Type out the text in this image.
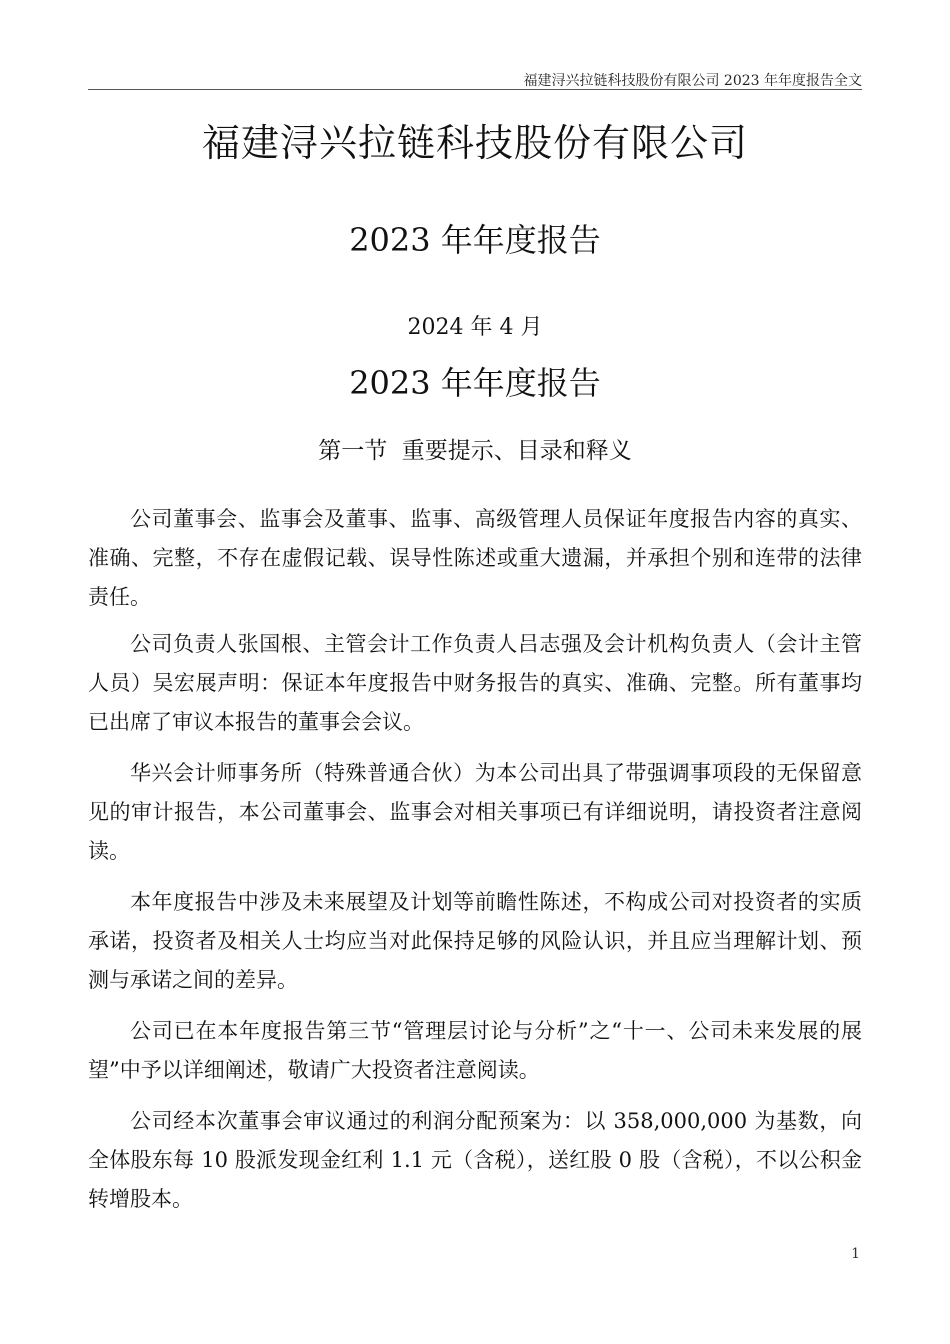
福建浔兴拉链科技股份有限公司 2023 年年度报告全文
福建浔兴拉链科技股份有限公司
2023 年年度报告
2024 年 4 月
2023 年年度报告
第一节  重要提示、目录和释义

公司董事会、监事会及董事、监事、高级管理人员保证年度报告内容的真实、准确、完整，不存在虚假记载、误导性陈述或重大遗漏，并承担个别和连带的法律责任。

公司负责人张国根、主管会计工作负责人吕志强及会计机构负责人（会计主管人员）吴宏展声明：保证本年度报告中财务报告的真实、准确、完整。所有董事均已出席了审议本报告的董事会会议。

华兴会计师事务所（特殊普通合伙）为本公司出具了带强调事项段的无保留意见的审计报告，本公司董事会、监事会对相关事项已有详细说明，请投资者注意阅读。

本年度报告中涉及未来展望及计划等前瞻性陈述，不构成公司对投资者的实质承诺，投资者及相关人士均应当对此保持足够的风险认识，并且应当理解计划、预测与承诺之间的差异。

公司已在本年度报告第三节“管理层讨论与分析”之“十一、公司未来发展的展望”中予以详细阐述，敬请广大投资者注意阅读。

公司经本次董事会审议通过的利润分配预案为：以 358,000,000 为基数，向全体股东每 10 股派发现金红利 1.1 元（含税），送红股 0 股（含税），不以公积金转增股本。

1
